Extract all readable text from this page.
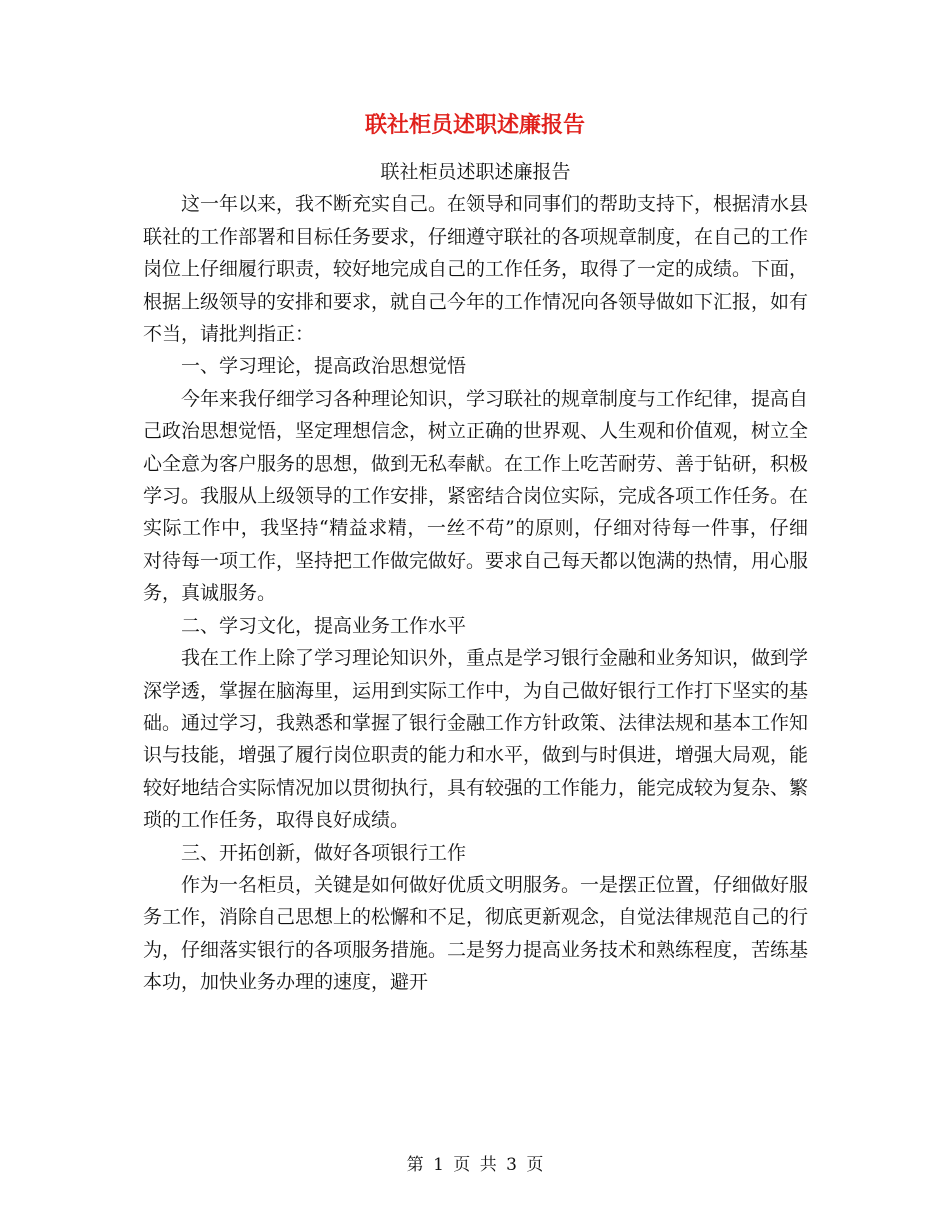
联社柜员述职述廉报告

联社柜员述职述廉报告

这一年以来，我不断充实自己。在领导和同事们的帮助支持下，根据清水县联社的工作部署和目标任务要求，仔细遵守联社的各项规章制度，在自己的工作岗位上仔细履行职责，较好地完成自己的工作任务，取得了一定的成绩。下面，根据上级领导的安排和要求，就自己今年的工作情况向各领导做如下汇报，如有不当，请批判指正：

一、学习理论，提高政治思想觉悟

今年来我仔细学习各种理论知识，学习联社的规章制度与工作纪律，提高自己政治思想觉悟，坚定理想信念，树立正确的世界观、人生观和价值观，树立全心全意为客户服务的思想，做到无私奉献。在工作上吃苦耐劳、善于钻研，积极学习。我服从上级领导的工作安排，紧密结合岗位实际，完成各项工作任务。在实际工作中，我坚持“精益求精，一丝不苟”的原则，仔细对待每一件事，仔细对待每一项工作，坚持把工作做完做好。要求自己每天都以饱满的热情，用心服务，真诚服务。

二、学习文化，提高业务工作水平

我在工作上除了学习理论知识外，重点是学习银行金融和业务知识，做到学深学透，掌握在脑海里，运用到实际工作中，为自己做好银行工作打下坚实的基础。通过学习，我熟悉和掌握了银行金融工作方针政策、法律法规和基本工作知识与技能，增强了履行岗位职责的能力和水平，做到与时俱进，增强大局观，能较好地结合实际情况加以贯彻执行，具有较强的工作能力，能完成较为复杂、繁琐的工作任务，取得良好成绩。

三、开拓创新，做好各项银行工作

作为一名柜员，关键是如何做好优质文明服务。一是摆正位置，仔细做好服务工作，消除自己思想上的松懈和不足，彻底更新观念，自觉法律规范自己的行为，仔细落实银行的各项服务措施。二是努力提高业务技术和熟练程度，苦练基本功，加快业务办理的速度，避开

第 1 页 共 3 页
